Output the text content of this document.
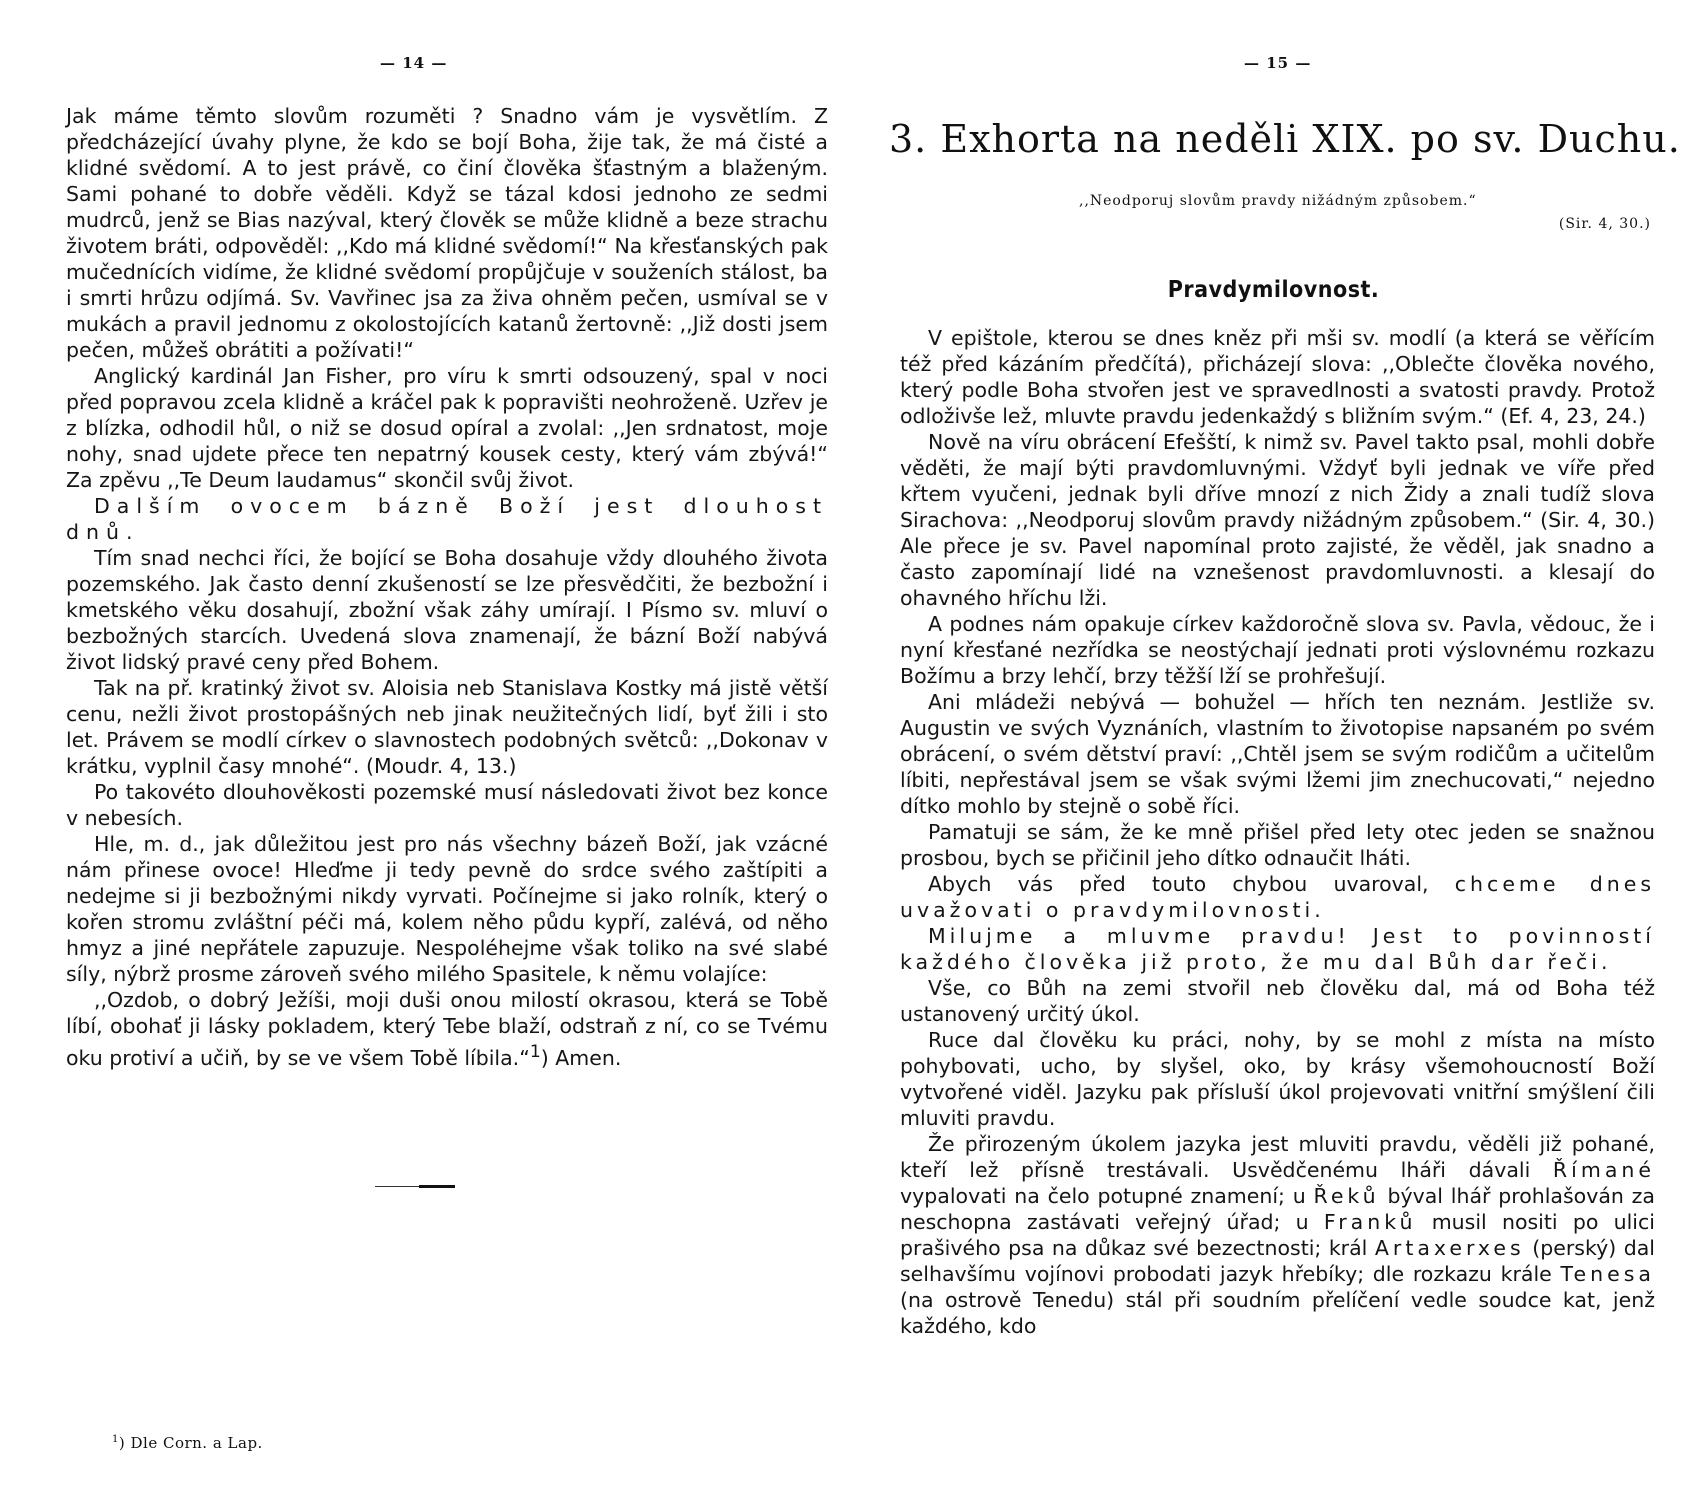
— 14 —

Jak máme těmto slovům rozuměti ? Snadno vám je vysvětlím. Z předcházející úvahy plyne, že kdo se bojí Boha, žije tak, že má čisté a klidné svědomí. A to jest právě, co činí člověka šťastným a blaženým. Sami pohané to dobře věděli. Když se tázal kdosi jednoho ze sedmi mudrců, jenž se Bias nazýval, který člověk se může klidně a beze strachu životem bráti, odpověděl: ,,Kdo má klidné svědomí!“ Na křesťanských pak mučednících vidíme, že klidné svědomí propůjčuje v souženích stálost, ba i smrti hrůzu odjímá. Sv. Vavřinec jsa za živa ohněm pečen, usmíval se v mukách a pravil jednomu z okolostojících katanů žertovně: ,,Již dosti jsem pečen, můžeš obrátiti a požívati!“

Anglický kardinál Jan Fisher, pro víru k smrti odsouzený, spal v noci před popravou zcela klidně a kráčel pak k popravišti neohroženě. Uzřev je z blízka, odhodil hůl, o niž se dosud opíral a zvolal: ,,Jen srdnatost, moje nohy, snad ujdete přece ten nepatrný kousek cesty, který vám zbývá!“ Za zpěvu ,,Te Deum laudamus“ skončil svůj život.

Dalším ovocem bázně Boží jest dlouhost dnů.

Tím snad nechci říci, že bojící se Boha dosahuje vždy dlouhého života pozemského. Jak často denní zkušeností se lze přesvědčiti, že bezbožní i kmetského věku dosahují, zbožní však záhy umírají. I Písmo sv. mluví o bezbožných starcích. Uvedená slova znamenají, že bázní Boží nabývá život lidský pravé ceny před Bohem.

Tak na př. kratinký život sv. Aloisia neb Stanislava Kostky má jistě větší cenu, nežli život prostopášných neb jinak neužitečných lidí, byť žili i sto let. Právem se modlí církev o slavnostech podobných světců: ,,Dokonav v krátku, vyplnil časy mnohé“. (Moudr. 4, 13.)

Po takovéto dlouhověkosti pozemské musí následovati život bez konce v nebesích.

Hle, m. d., jak důležitou jest pro nás všechny bázeň Boží, jak vzácné nám přinese ovoce! Hleďme ji tedy pevně do srdce svého zaštípiti a nedejme si ji bezbožnými nikdy vyrvati. Počínejme si jako rolník, který o kořen stromu zvláštní péči má, kolem něho půdu kypří, zalévá, od něho hmyz a jiné nepřátele zapuzuje. Nespoléhejme však toliko na své slabé síly, nýbrž prosme zároveň svého milého Spasitele, k němu volajíce:

,,Ozdob, o dobrý Ježíši, moji duši onou milostí okrasou, která se Tobě líbí, obohať ji lásky pokladem, který Tebe blaží, odstraň z ní, co se Tvému oku protiví a učiň, by se ve všem Tobě líbila.“$^1$) Amen.

$^1$) Dle Corn. a Lap.
— 15 —
3. Exhorta na neděli XIX. po sv. Duchu.
,,Neodporuj slovům pravdy nižádným způsobem.“
(Sir. 4, 30.)
Pravdymilovnost.

V epištole, kterou se dnes kněz při mši sv. modlí (a která se věřícím též před kázáním předčítá), přicházejí slova: ,,Oblečte člověka nového, který podle Boha stvořen jest ve spravedlnosti a svatosti pravdy. Protož odloživše lež, mluvte pravdu jedenkaždý s bližním svým.“ (Ef. 4, 23, 24.)

Nově na víru obrácení Efešští, k nimž sv. Pavel takto psal, mohli dobře věděti, že mají býti pravdomluvnými. Vždyť byli jednak ve víře před křtem vyučeni, jednak byli dříve mnozí z nich Židy a znali tudíž slova Sirachova: ,,Neodporuj slovům pravdy nižádným způsobem.“ (Sir. 4, 30.) Ale přece je sv. Pavel napomínal proto zajisté, že věděl, jak snadno a často zapomínají lidé na vznešenost pravdomluvnosti. a klesají do ohavného hříchu lži.

A podnes nám opakuje církev každoročně slova sv. Pavla, vědouc, že i nyní křesťané nezřídka se neostýchají jednati proti výslovnému rozkazu Božímu a brzy lehčí, brzy těžší lží se prohřešují.

Ani mládeži nebývá — bohužel — hřích ten neznám. Jestliže sv. Augustin ve svých Vyznáních, vlastním to životopise napsaném po svém obrácení, o svém dětství praví: ,,Chtěl jsem se svým rodičům a učitelům líbiti, nepřestával jsem se však svými lžemi jim znechucovati,“ nejedno dítko mohlo by stejně o sobě říci.

Pamatuji se sám, že ke mně přišel před lety otec jeden se snažnou prosbou, bych se přičinil jeho dítko odnaučit lháti.

Abych vás před touto chybou uvaroval, chceme dnes uvažovati o pravdymilovnosti.

Milujme a mluvme pravdu! Jest to povinností každého člověka již proto, že mu dal Bůh dar řeči.

Vše, co Bůh na zemi stvořil neb člověku dal, má od Boha též ustanovený určitý úkol.

Ruce dal člověku ku práci, nohy, by se mohl z místa na místo pohybovati, ucho, by slyšel, oko, by krásy všemohoucností Boží vytvořené viděl. Jazyku pak přísluší úkol projevovati vnitřní smýšlení čili mluviti pravdu.

Že přirozeným úkolem jazyka jest mluviti pravdu, věděli již pohané, kteří lež přísně trestávali. Usvědčenému lháři dávali Římané vypalovati na čelo potupné znamení; u Řeků býval lhář prohlašován za neschopna zastávati veřejný úřad; u Franků musil nositi po ulici prašivého psa na důkaz své bezectnosti; král Artaxerxes (perský) dal selhavšímu vojínovi probodati jazyk hřebíky; dle rozkazu krále Tenesa (na ostrově Tenedu) stál při soudním přelíčení vedle soudce kat, jenž každého, kdo
